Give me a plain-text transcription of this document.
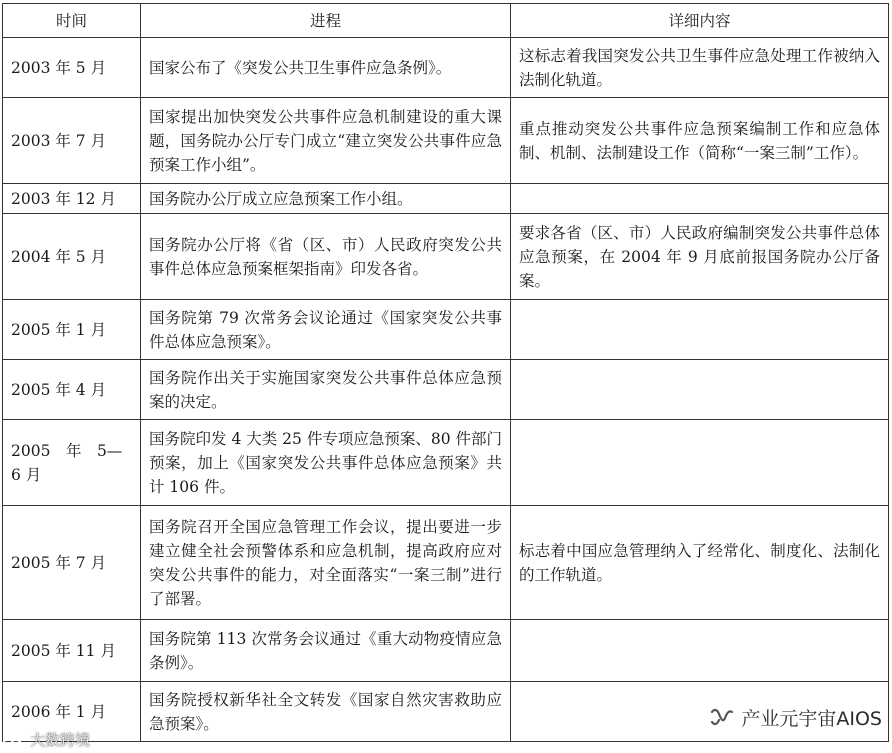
时间	进程	详细内容
2003 年 5 月	国家公布了《突发公共卫生事件应急条例》。	这标志着我国突发公共卫生事件应急处理工作被纳入法制化轨道。
2003 年 7 月	国家提出加快突发公共事件应急机制建设的重大课题，国务院办公厅专门成立“建立突发公共事件应急预案工作小组”。	重点推动突发公共事件应急预案编制工作和应急体制、机制、法制建设工作（简称“一案三制”工作）。
2003 年 12 月	国务院办公厅成立应急预案工作小组。	
2004 年 5 月	国务院办公厅将《省（区、市）人民政府突发公共事件总体应急预案框架指南》印发各省。	要求各省（区、市）人民政府编制突发公共事件总体应急预案，在 2004 年 9 月底前报国务院办公厅备案。
2005 年 1 月	国务院第 79 次常务会议论通过《国家突发公共事件总体应急预案》。	
2005 年 4 月	国务院作出关于实施国家突发公共事件总体应急预案的决定。	
2005　年　5—6 月	国务院印发 4 大类 25 件专项应急预案、80 件部门预案，加上《国家突发公共事件总体应急预案》共计 106 件。	
2005 年 7 月	国务院召开全国应急管理工作会议，提出要进一步建立健全社会预警体系和应急机制，提高政府应对突发公共事件的能力，对全面落实“一案三制”进行了部署。	标志着中国应急管理纳入了经常化、制度化、法制化的工作轨道。
2005 年 11 月	国务院第 113 次常务会议通过《重大动物疫情应急条例》。	
2006 年 1 月	国务院授权新华社全文转发《国家自然灾害救助应急预案》。	
大数跨境
产业元宇宙AIOS
